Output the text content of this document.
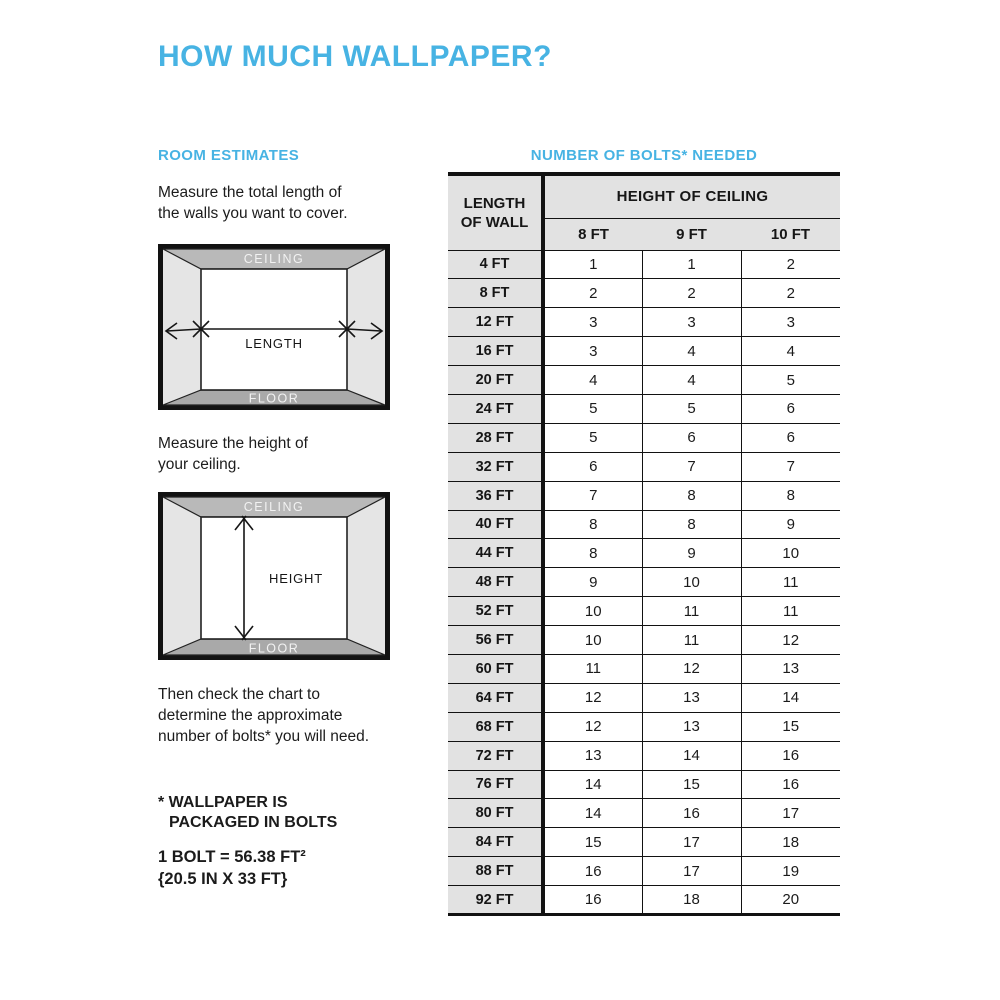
HOW MUCH WALLPAPER?
ROOM ESTIMATES
Measure the total length of
the walls you want to cover.
CEILING
FLOOR
LENGTH
Measure the height of
your ceiling.
CEILING
FLOOR
HEIGHT
Then check the chart to
determine the approximate
number of bolts* you will need.
* WALLPAPER IS
PACKAGED IN BOLTS
1 BOLT = 56.38 FT²
{20.5 IN X 33 FT}
NUMBER OF BOLTS* NEEDED
LENGTH
OF WALL	HEIGHT OF CEILING		
	8 FT	9 FT	10 FT
4 FT	1	1	2
8 FT	2	2	2
12 FT	3	3	3
16 FT	3	4	4
20 FT	4	4	5
24 FT	5	5	6
28 FT	5	6	6
32 FT	6	7	7
36 FT	7	8	8
40 FT	8	8	9
44 FT	8	9	10
48 FT	9	10	11
52 FT	10	11	11
56 FT	10	11	12
60 FT	11	12	13
64 FT	12	13	14
68 FT	12	13	15
72 FT	13	14	16
76 FT	14	15	16
80 FT	14	16	17
84 FT	15	17	18
88 FT	16	17	19
92 FT	16	18	20
